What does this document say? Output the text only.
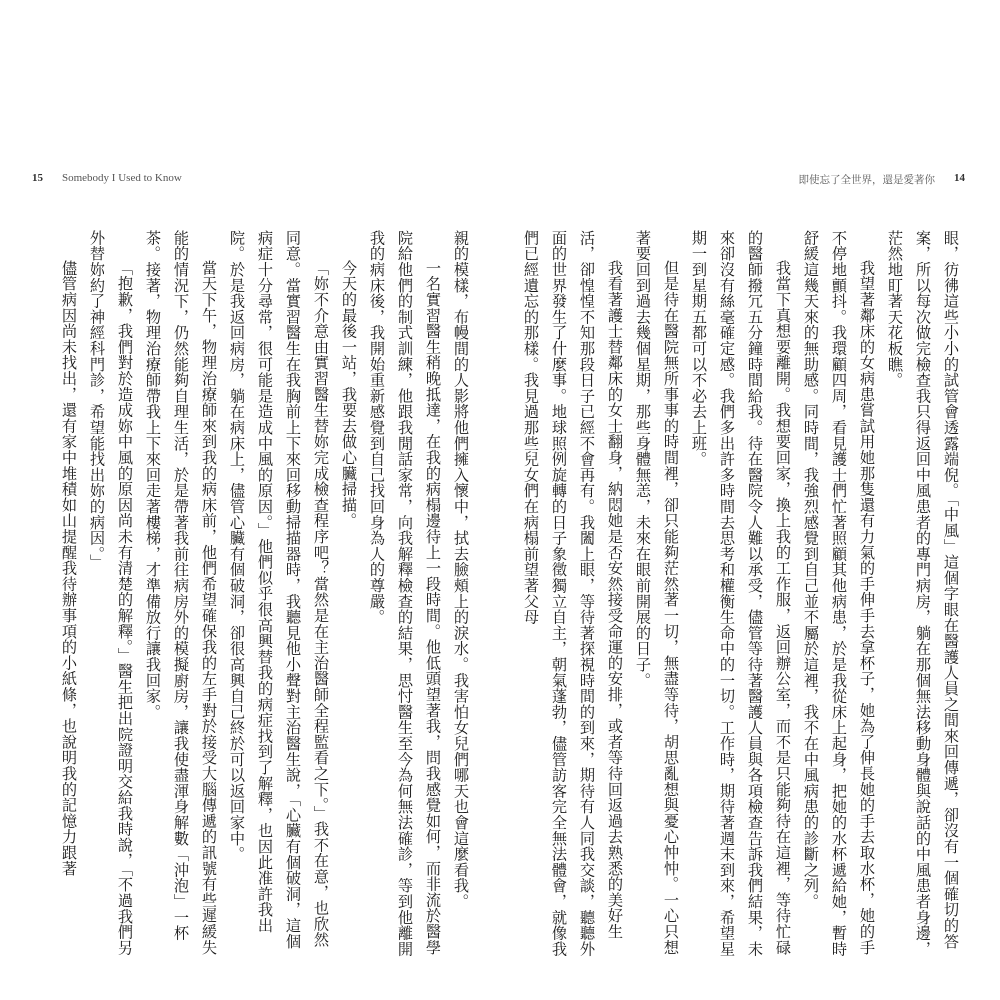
15 Somebody I Used to Know

親的模樣，布幔間的人影將他們擁入懷中，拭去臉頰上的淚水。我害怕女兒們哪天也會這麼看我。

一名實習醫生稍晚抵達，在我的病榻邊待上一段時間。他低頭望著我，問我感覺如何，而非流於醫學院給他們的制式訓練，他跟我閒話家常，向我解釋檢查的結果，思忖醫生至今為何無法確診，等到他離開我的病床後，我開始重新感覺到自己找回身為人的尊嚴。

今天的最後一站，我要去做心臟掃描。

「妳不介意由實習醫生替妳完成檢查程序吧？當然是在主治醫師全程監看之下。」我不在意，也欣然同意。當實習醫生在我胸前上下來回移動掃描器時，我聽見他小聲對主治醫生說，「心臟有個破洞，這個病症十分尋常，很可能是造成中風的原因。」他們似乎很高興替我的病症找到了解釋，也因此准許我出院。於是我返回病房，躺在病床上，儘管心臟有個破洞，卻很高興自己終於可以返回家中。

當天下午，物理治療師來到我的病床前，他們希望確保我的左手對於接受大腦傳遞的訊號有些遲緩失能的情況下，仍然能夠自理生活，於是帶著我前往病房外的模擬廚房，讓我使盡渾身解數「沖泡」一杯茶。接著，物理治療師帶我上下來回走著樓梯，才準備放行讓我回家。

「抱歉，我們對於造成妳中風的原因尚未有清楚的解釋。」醫生把出院證明交給我時說，「不過我們另外替妳約了神經科門診，希望能找出妳的病因。」

儘管病因尚未找出，還有家中堆積如山提醒我待辦事項的小紙條，也說明我的記憶力跟著

即使忘了全世界，還是愛著你 14

眼，彷彿這些小小的試管會透露端倪。「中風」這個字眼在醫護人員之間來回傳遞，卻沒有一個確切的答案，所以每次做完檢查我只得返回中風患者的專門病房，躺在那個無法移動身體與說話的中風患者身邊，茫然地盯著天花板瞧。

我望著鄰床的女病患嘗試用她那隻還有力氣的手伸手去拿杯子，她為了伸長她的手去取水杯，她的手不停地顫抖。我環顧四周，看見護士們忙著照顧其他病患，於是我從床上起身，把她的水杯遞給她，暫時舒緩這幾天來的無助感。同時間，我強烈感覺到自己並不屬於這裡，我不在中風病患的診斷之列。

我當下真想要離開。我想要回家，換上我的工作服，返回辦公室，而不是只能夠待在這裡，等待忙碌的醫師撥冗五分鐘時間給我。待在醫院令人難以承受，儘管等待著醫護人員與各項檢查告訴我們結果，未來卻沒有絲毫確定感。我們多出許多時間去思考和權衡生命中的一切。工作時，期待著週末到來，希望星期一到星期五都可以不必去上班。

但是待在醫院無所事事的時間裡，卻只能夠茫然著一切，無盡等待，胡思亂想與憂心忡忡。一心只想著要回到過去幾個星期，那些身體無恙，未來在眼前開展的日子。

我看著護士替鄰床的女士翻身，納悶她是否安然接受命運的安排，或者等待回返過去熟悉的美好生活，卻惶惶不知那段日子已經不會再有。我闔上眼，等待著探視時間的到來，期待有人同我交談，聽聽外面的世界發生了什麼事。地球照例旋轉的日子象徵獨立自主，朝氣蓬勃，儘管訪客完全無法體會，就像我們已經遺忘的那樣。我見過那些兒女們在病榻前望著父母
